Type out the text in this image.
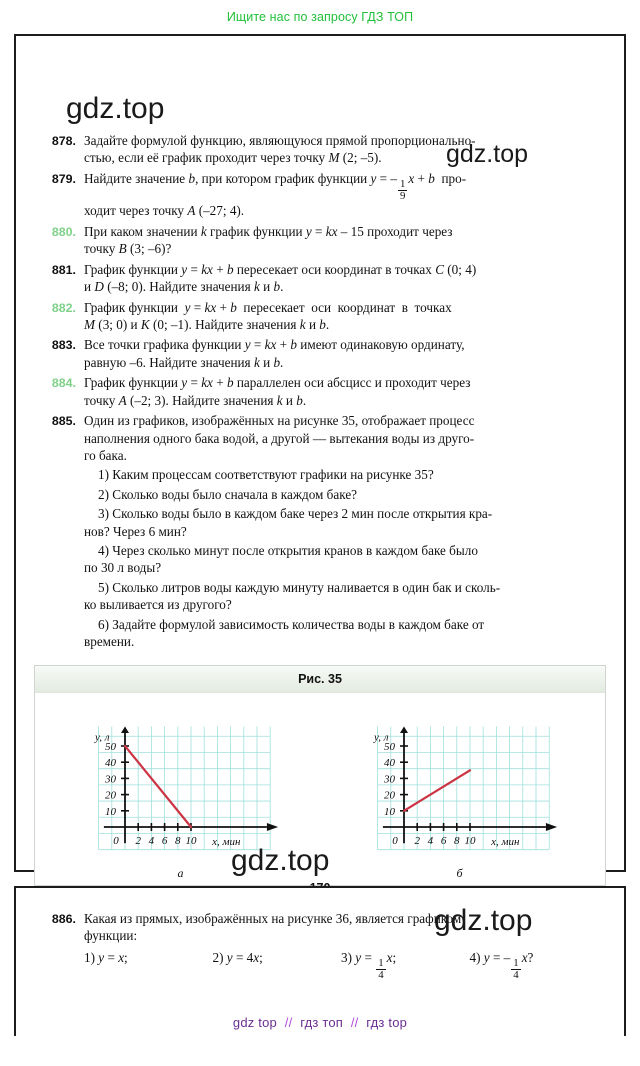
Ищите нас по запросу ГДЗ ТОП
gdz.top
gdz.top
gdz.top
878. Задайте формулой функцию, являющуюся прямой пропорционально-

стью, если её график проходит через точку M (2; –5).

879. Найдите значение b, при котором график функции y = –
$\frac{1}{9}$
x + b  про-

ходит через точку A (–27; 4).

880. При каком значении k график функции y = kx – 15 проходит через

точку B (3; –6)?

881. График функции y = kx + b пересекает оси координат в точках C (0; 4)

и D (–8; 0). Найдите значения k и b.

882. График функции  y = kx + b  пересекает  оси  координат  в  точках

M (3; 0) и K (0; –1). Найдите значения k и b.

883. Все точки графика функции y = kx + b имеют одинаковую ординату,

равную –6. Найдите значения k и b.

884. График функции y = kx + b параллелен оси абсцисс и проходит через

точку A (–2; 3). Найдите значения k и b.

885. Один из графиков, изображённых на рисунке 35, отображает процесс

наполнения одного бака водой, а другой — вытекания воды из друго-

го бака.

1) Каким процессам соответствуют графики на рисунке 35?

2) Сколько воды было сначала в каждом баке?

3) Сколько воды было в каждом баке через 2 мин после открытия кра-

нов? Через 6 мин?

4) Через сколько минут после открытия кранов в каждом баке было

по 30 л воды?

5) Сколько литров воды каждую минуту наливается в один бак и сколь-

ко выливается из другого?

6) Задайте формулой зависимость количества воды в каждом баке от

времени.

Рис. 35
0 2 4 6 8 10
10
20
30
40
50
x, мин
y, л
а
0 2 4 6 8 10
10
20
30
40
50
x, мин
y, л
б
gdz.top
886. Какая из прямых, изображённых на рисунке 36, является графиком

функции:

1) y = x;	2) y = 4x;	3) y =
$\frac{1}{4}$
x;	4) y = –
$\frac{1}{4}$
x?
gdz top // гдз топ // гдз top
